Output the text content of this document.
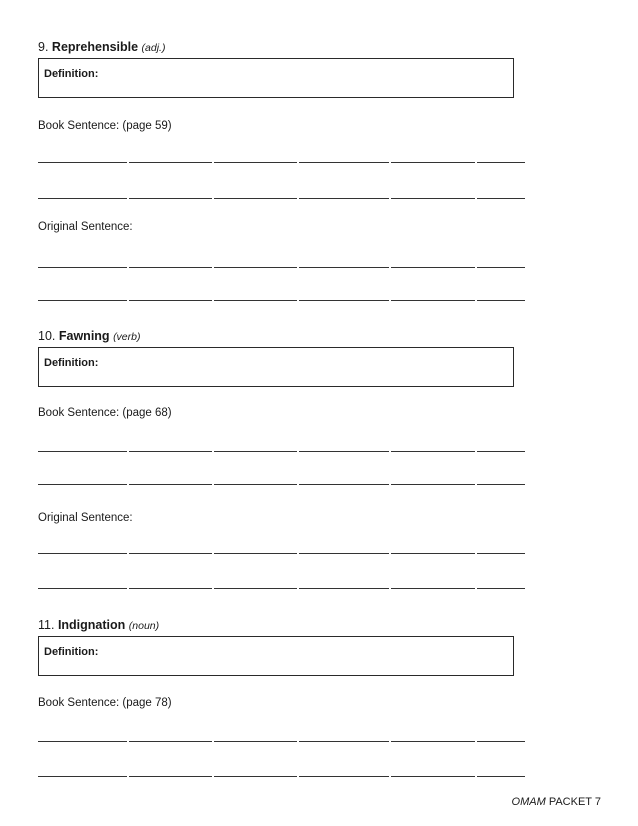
9. Reprehensible (adj.)
Definition:
Book Sentence: (page 59)
Original Sentence:
10. Fawning (verb)
Definition:
Book Sentence: (page 68)
Original Sentence:
11. Indignation (noun)
Definition:
Book Sentence: (page 78)
OMAM PACKET 7
